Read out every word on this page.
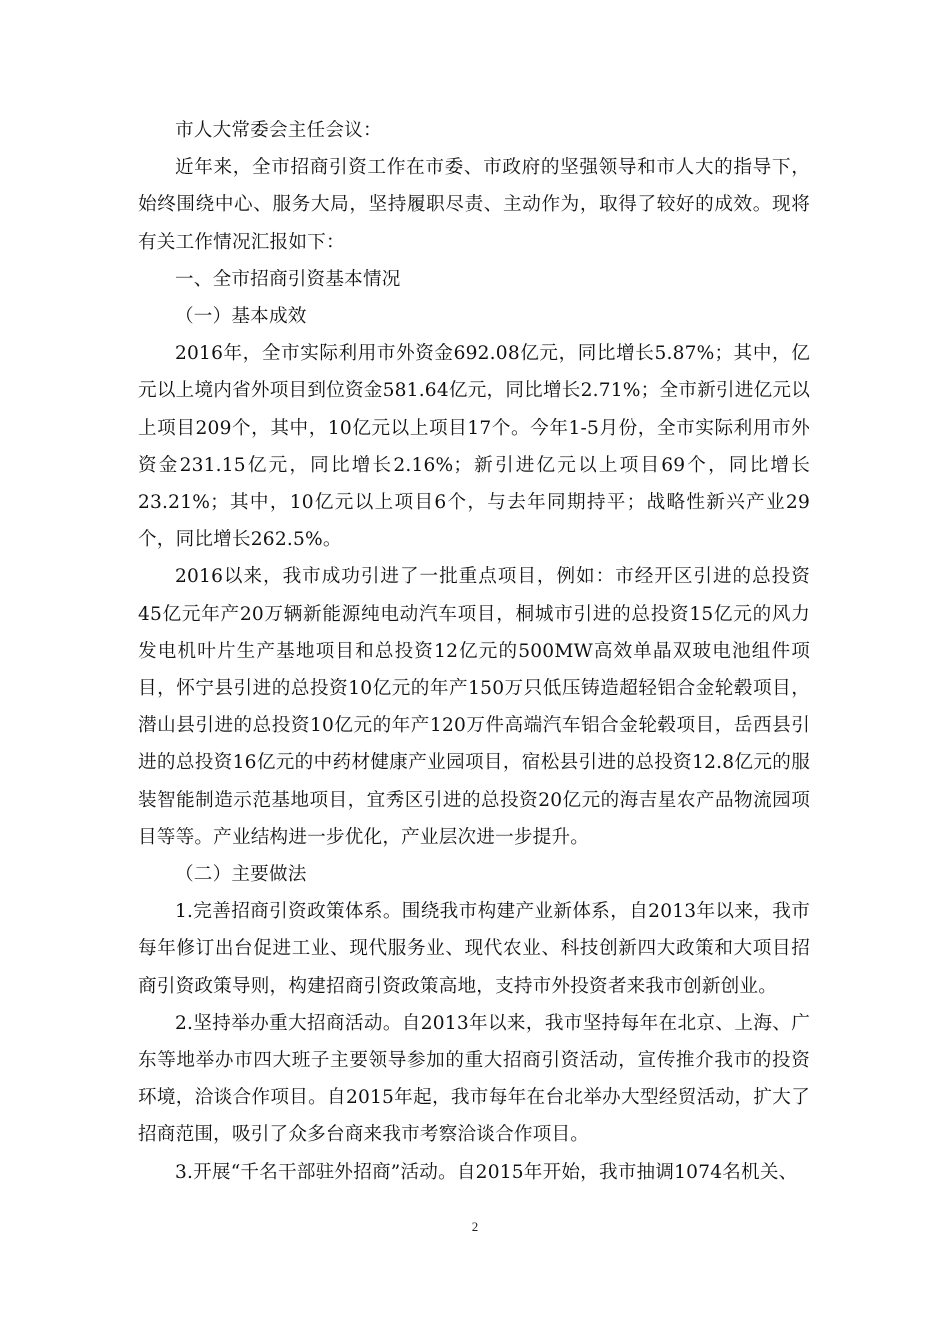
市人大常委会主任会议：

近年来，全市招商引资工作在市委、市政府的坚强领导和市人大的指导下，始终围绕中心、服务大局，坚持履职尽责、主动作为，取得了较好的成效。现将有关工作情况汇报如下：

一、全市招商引资基本情况

（一）基本成效

2016年，全市实际利用市外资金692.08亿元，同比增长5.87%；其中，亿元以上境内省外项目到位资金581.64亿元，同比增长2.71%；全市新引进亿元以上项目209个，其中，10亿元以上项目17个。今年1-5月份，全市实际利用市外资金231.15亿元，同比增长2.16%；新引进亿元以上项目69个，同比增长23.21%；其中，10亿元以上项目6个，与去年同期持平；战略性新兴产业29个，同比增长262.5%。

2016以来，我市成功引进了一批重点项目，例如：市经开区引进的总投资45亿元年产20万辆新能源纯电动汽车项目，桐城市引进的总投资15亿元的风力发电机叶片生产基地项目和总投资12亿元的500MW高效单晶双玻电池组件项目，怀宁县引进的总投资10亿元的年产150万只低压铸造超轻铝合金轮毂项目，潜山县引进的总投资10亿元的年产120万件高端汽车铝合金轮毂项目，岳西县引进的总投资16亿元的中药材健康产业园项目，宿松县引进的总投资12.8亿元的服装智能制造示范基地项目，宜秀区引进的总投资20亿元的海吉星农产品物流园项目等等。产业结构进一步优化，产业层次进一步提升。

（二）主要做法

1.完善招商引资政策体系。围绕我市构建产业新体系，自2013年以来，我市每年修订出台促进工业、现代服务业、现代农业、科技创新四大政策和大项目招商引资政策导则，构建招商引资政策高地，支持市外投资者来我市创新创业。

2.坚持举办重大招商活动。自2013年以来，我市坚持每年在北京、上海、广东等地举办市四大班子主要领导参加的重大招商引资活动，宣传推介我市的投资环境，洽谈合作项目。自2015年起，我市每年在台北举办大型经贸活动，扩大了招商范围，吸引了众多台商来我市考察洽谈合作项目。

3.开展“千名干部驻外招商”活动。自2015年开始，我市抽调1074名机关、

2
